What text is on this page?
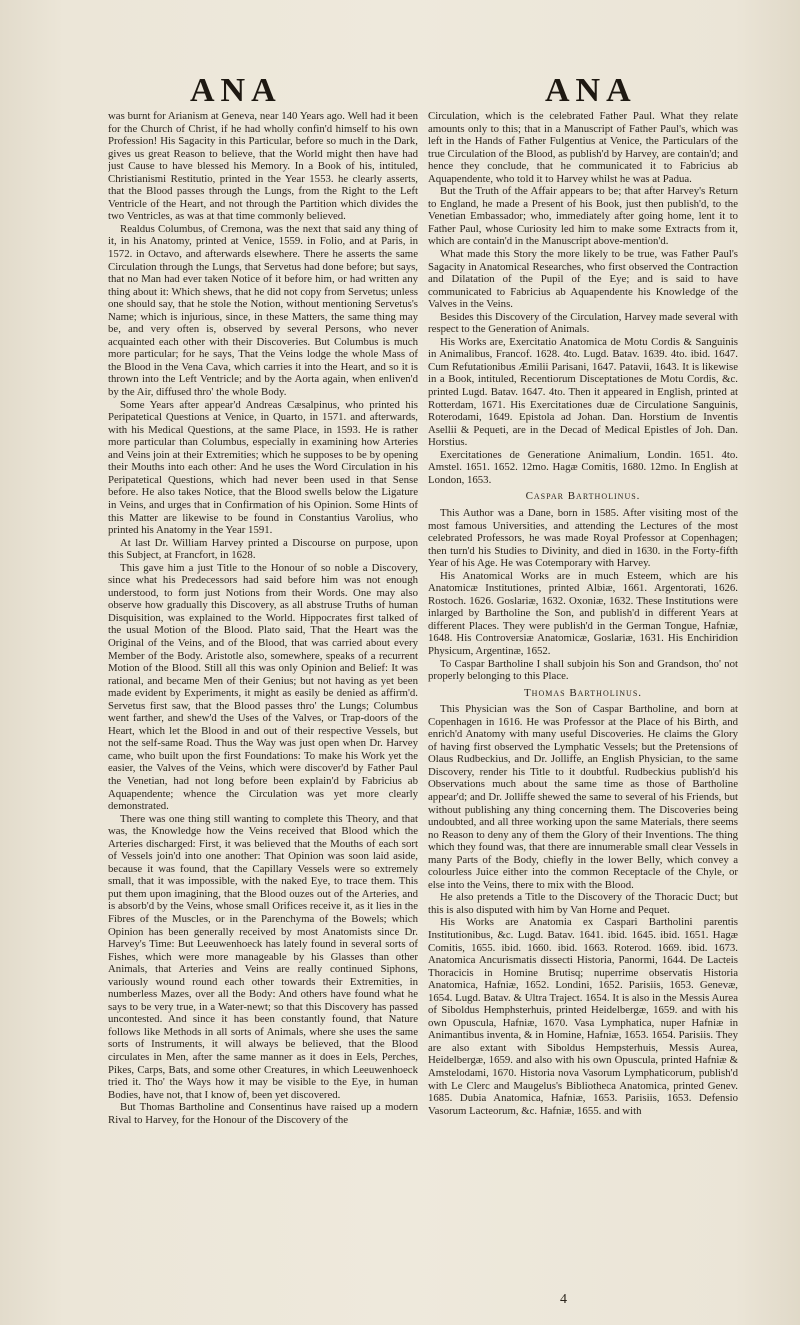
ANA	ANA

was burnt for Arianism at Geneva, near 140 Years ago. Well had it been for the Church of Christ, if he had wholly confin'd himself to his own Profession! His Sagacity in this Particular, before so much in the Dark, gives us great Reason to believe, that the World might then have had just Cause to have blessed his Memory. In a Book of his, intituled, Christianismi Restitutio, printed in the Year 1553. he clearly asserts, that the Blood passes through the Lungs, from the Right to the Left Ventricle of the Heart, and not through the Partition which divides the two Ventricles, as was at that time commonly believed.

Realdus Columbus, of Cremona, was the next that said any thing of it, in his Anatomy, printed at Venice, 1559. in Folio, and at Paris, in 1572. in Octavo, and afterwards elsewhere. There he asserts the same Circulation through the Lungs, that Servetus had done before; but says, that no Man had ever taken Notice of it before him, or had written any thing about it: Which shews, that he did not copy from Servetus; unless one should say, that he stole the Notion, without mentioning Servetus's Name; which is injurious, since, in these Matters, the same thing may be, and very often is, observed by several Persons, who never acquainted each other with their Discoveries. But Columbus is much more particular; for he says, That the Veins lodge the whole Mass of the Blood in the Vena Cava, which carries it into the Heart, and so it is thrown into the Left Ventricle; and by the Aorta again, when enliven'd by the Air, diffused thro' the whole Body.

Some Years after appear'd Andreas Cæsalpinus, who printed his Peripatetical Questions at Venice, in Quarto, in 1571. and afterwards, with his Medical Questions, at the same Place, in 1593. He is rather more particular than Columbus, especially in examining how Arteries and Veins join at their Extremities; which he supposes to be by opening their Mouths into each other: And he uses the Word Circulation in his Peripatetical Questions, which had never been used in that Sense before. He also takes Notice, that the Blood swells below the Ligature in Veins, and urges that in Confirmation of his Opinion. Some Hints of this Matter are likewise to be found in Constantius Varolius, who printed his Anatomy in the Year 1591.

At last Dr. William Harvey printed a Discourse on purpose, upon this Subject, at Francfort, in 1628.

This gave him a just Title to the Honour of so noble a Discovery, since what his Predecessors had said before him was not enough understood, to form just Notions from their Words. One may also observe how gradually this Discovery, as all abstruse Truths of human Disquisition, was explained to the World. Hippocrates first talked of the usual Motion of the Blood. Plato said, That the Heart was the Original of the Veins, and of the Blood, that was carried about every Member of the Body. Aristotle also, somewhere, speaks of a recurrent Motion of the Blood. Still all this was only Opinion and Belief: It was rational, and became Men of their Genius; but not having as yet been made evident by Experiments, it might as easily be denied as affirm'd. Servetus first saw, that the Blood passes thro' the Lungs; Columbus went farther, and shew'd the Uses of the Valves, or Trap-doors of the Heart, which let the Blood in and out of their respective Vessels, but not the self-same Road. Thus the Way was just open when Dr. Harvey came, who built upon the first Foundations: To make his Work yet the easier, the Valves of the Veins, which were discover'd by Father Paul the Venetian, had not long before been explain'd by Fabricius ab Aquapendente; whence the Circulation was yet more clearly demonstrated.

There was one thing still wanting to complete this Theory, and that was, the Knowledge how the Veins received that Blood which the Arteries discharged: First, it was believed that the Mouths of each sort of Vessels join'd into one another: That Opinion was soon laid aside, because it was found, that the Capillary Vessels were so extremely small, that it was impossible, with the naked Eye, to trace them. This put them upon imagining, that the Blood ouzes out of the Arteries, and is absorb'd by the Veins, whose small Orifices receive it, as it lies in the Fibres of the Muscles, or in the Parenchyma of the Bowels; which Opinion has been generally received by most Anatomists since Dr. Harvey's Time: But Leeuwenhoeck has lately found in several sorts of Fishes, which were more manageable by his Glasses than other Animals, that Arteries and Veins are really continued Siphons, variously wound round each other towards their Extremities, in numberless Mazes, over all the Body: And others have found what he says to be very true, in a Water-newt; so that this Discovery has passed uncontested. And since it has been constantly found, that Nature follows like Methods in all sorts of Animals, where she uses the same sorts of Instruments, it will always be believed, that the Blood circulates in Men, after the same manner as it does in Eels, Perches, Pikes, Carps, Bats, and some other Creatures, in which Leeuwenhoeck tried it. Tho' the Ways how it may be visible to the Eye, in human Bodies, have not, that I know of, been yet discovered.

But Thomas Bartholine and Consentinus have raised up a modern Rival to Harvey, for the Honour of the Discovery of the

Circulation, which is the celebrated Father Paul. What they relate amounts only to this; that in a Manuscript of Father Paul's, which was left in the Hands of Father Fulgentius at Venice, the Particulars of the true Circulation of the Blood, as publish'd by Harvey, are contain'd; and hence they conclude, that he communicated it to Fabricius ab Aquapendente, who told it to Harvey whilst he was at Padua.

But the Truth of the Affair appears to be; that after Harvey's Return to England, he made a Present of his Book, just then publish'd, to the Venetian Embassador; who, immediately after going home, lent it to Father Paul, whose Curiosity led him to make some Extracts from it, which are contain'd in the Manuscript above-mention'd.

What made this Story the more likely to be true, was Father Paul's Sagacity in Anatomical Researches, who first observed the Contraction and Dilatation of the Pupil of the Eye; and is said to have communicated to Fabricius ab Aquapendente his Knowledge of the Valves in the Veins.

Besides this Discovery of the Circulation, Harvey made several with respect to the Generation of Animals.

His Works are, Exercitatio Anatomica de Motu Cordis & Sanguinis in Animalibus, Francof. 1628. 4to. Lugd. Batav. 1639. 4to. ibid. 1647. Cum Refutationibus Æmilii Parisani, 1647. Patavii, 1643. It is likewise in a Book, intituled, Recentiorum Disceptationes de Motu Cordis, &c. printed Lugd. Batav. 1647. 4to. Then it appeared in English, printed at Rotterdam, 1671. His Exercitationes duæ de Circulatione Sanguinis, Roterodami, 1649. Epistola ad Johan. Dan. Horstium de Inventis Asellii & Pequeti, are in the Decad of Medical Epistles of Joh. Dan. Horstius.

Exercitationes de Generatione Animalium, Londin. 1651. 4to. Amstel. 1651. 1652. 12mo. Hagæ Comitis, 1680. 12mo. In English at London, 1653.

Caspar Bartholinus.

This Author was a Dane, born in 1585. After visiting most of the most famous Universities, and attending the Lectures of the most celebrated Professors, he was made Royal Professor at Copenhagen; then turn'd his Studies to Divinity, and died in 1630. in the Forty-fifth Year of his Age. He was Cotemporary with Harvey.

His Anatomical Works are in much Esteem, which are his Anatomicæ Institutiones, printed Albiæ, 1661. Argentorati, 1626. Rostoch. 1626. Goslariæ, 1632. Oxoniæ, 1632. These Institutions were inlarged by Bartholine the Son, and publish'd in different Years at different Places. They were publish'd in the German Tongue, Hafniæ, 1648. His Controversiæ Anatomicæ, Goslariæ, 1631. His Enchiridion Physicum, Argentinæ, 1652.

To Caspar Bartholine I shall subjoin his Son and Grandson, tho' not properly belonging to this Place.

Thomas Bartholinus.

This Physician was the Son of Caspar Bartholine, and born at Copenhagen in 1616. He was Professor at the Place of his Birth, and enrich'd Anatomy with many useful Discoveries. He claims the Glory of having first observed the Lymphatic Vessels; but the Pretensions of Olaus Rudbeckius, and Dr. Jolliffe, an English Physician, to the same Discovery, render his Title to it doubtful. Rudbeckius publish'd his Observations much about the same time as those of Bartholine appear'd; and Dr. Jolliffe shewed the same to several of his Friends, but without publishing any thing concerning them. The Discoveries being undoubted, and all three working upon the same Materials, there seems no Reason to deny any of them the Glory of their Inventions. The thing which they found was, that there are innumerable small clear Vessels in many Parts of the Body, chiefly in the lower Belly, which convey a colourless Juice either into the common Receptacle of the Chyle, or else into the Veins, there to mix with the Blood.

He also pretends a Title to the Discovery of the Thoracic Duct; but this is also disputed with him by Van Horne and Pequet.

His Works are Anatomia ex Caspari Bartholini parentis Institutionibus, &c. Lugd. Batav. 1641. ibid. 1645. ibid. 1651. Hagæ Comitis, 1655. ibid. 1660. ibid. 1663. Roterod. 1669. ibid. 1673. Anatomica Ancurismatis dissecti Historia, Panormi, 1644. De Lacteis Thoracicis in Homine Brutisq; nuperrime observatis Historia Anatomica, Hafniæ, 1652. Londini, 1652. Parisiis, 1653. Genevæ, 1654. Lugd. Batav. & Ultra Traject. 1654. It is also in the Messis Aurea of Siboldus Hemphsterhuis, printed Heidelbergæ, 1659. and with his own Opuscula, Hafniæ, 1670. Vasa Lymphatica, nuper Hafniæ in Animantibus inventa, & in Homine, Hafniæ, 1653. 1654. Parisiis. They are also extant with Siboldus Hempsterhuis, Messis Aurea, Heidelbergæ, 1659. and also with his own Opuscula, printed Hafniæ & Amstelodami, 1670. Historia nova Vasorum Lymphaticorum, publish'd with Le Clerc and Maugelus's Bibliotheca Anatomica, printed Genev. 1685. Dubia Anatomica, Hafniæ, 1653. Parisiis, 1653. Defensio Vasorum Lacteorum, &c. Hafniæ, 1655. and with

4
